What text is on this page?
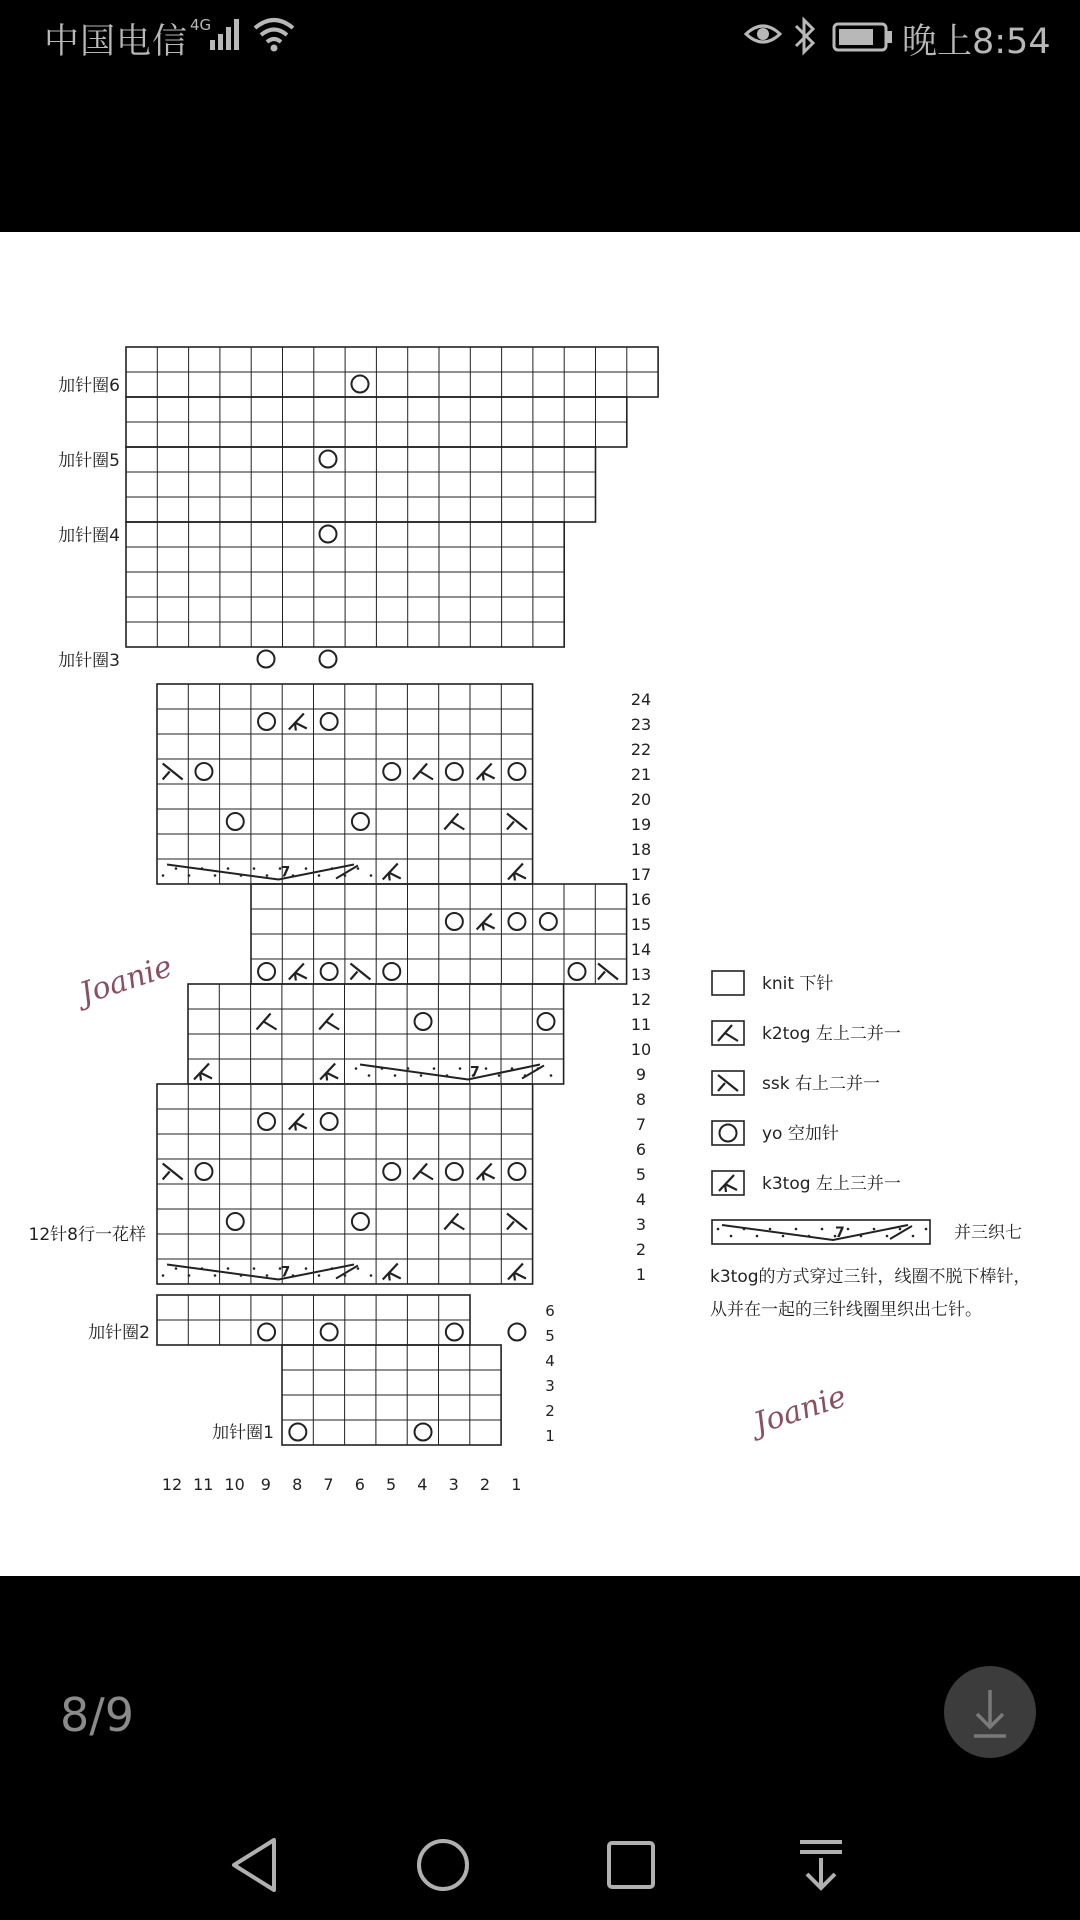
中国电信 4G	晚上8:54
7
7
7
加针圈6
加针圈5
加针圈4
加针圈3
12针8行一花样
加针圈2
加针圈1
24
23
22
21
20
19
18
17
16
15
14
13
12
11
10
9
8
7
6
5
4
3
2
1
6
5
4
3
2
1
12 11 10 9 8 7 6 5 4 3 2 1
knit 下针
k2tog 左上二并一
ssk 右上二并一
yo 空加针
k3tog 左上三并一
7	并三织七
k3tog的方式穿过三针，线圈不脱下棒针，
从并在一起的三针线圈里织出七针。
Joanie
Joanie
8/9
